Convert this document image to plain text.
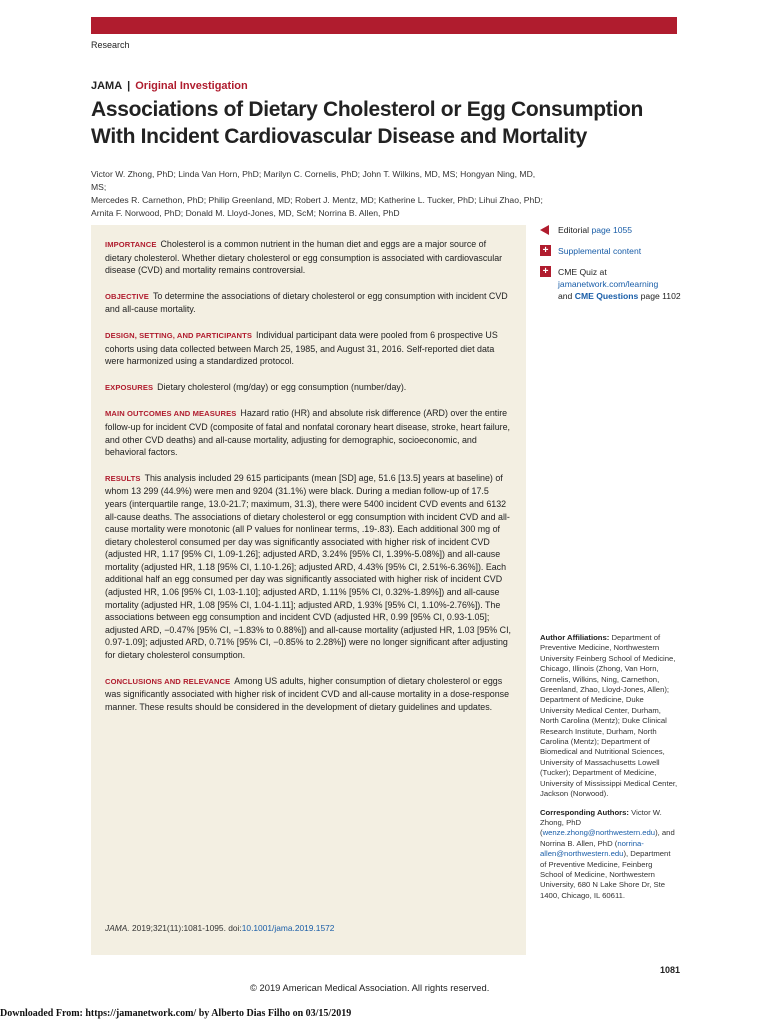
Research
JAMA | Original Investigation
Associations of Dietary Cholesterol or Egg Consumption With Incident Cardiovascular Disease and Mortality
Victor W. Zhong, PhD; Linda Van Horn, PhD; Marilyn C. Cornelis, PhD; John T. Wilkins, MD, MS; Hongyan Ning, MD, MS;
Mercedes R. Carnethon, PhD; Philip Greenland, MD; Robert J. Mentz, MD; Katherine L. Tucker, PhD; Lihui Zhao, PhD;
Arnita F. Norwood, PhD; Donald M. Lloyd-Jones, MD, ScM; Norrina B. Allen, PhD

IMPORTANCE Cholesterol is a common nutrient in the human diet and eggs are a major source of dietary cholesterol. Whether dietary cholesterol or egg consumption is associated with cardiovascular disease (CVD) and mortality remains controversial.

OBJECTIVE To determine the associations of dietary cholesterol or egg consumption with incident CVD and all-cause mortality.

DESIGN, SETTING, AND PARTICIPANTS Individual participant data were pooled from 6 prospective US cohorts using data collected between March 25, 1985, and August 31, 2016. Self-reported diet data were harmonized using a standardized protocol.

EXPOSURES Dietary cholesterol (mg/day) or egg consumption (number/day).

MAIN OUTCOMES AND MEASURES Hazard ratio (HR) and absolute risk difference (ARD) over the entire follow-up for incident CVD (composite of fatal and nonfatal coronary heart disease, stroke, heart failure, and other CVD deaths) and all-cause mortality, adjusting for demographic, socioeconomic, and behavioral factors.

RESULTS This analysis included 29 615 participants (mean [SD] age, 51.6 [13.5] years at baseline) of whom 13 299 (44.9%) were men and 9204 (31.1%) were black. During a median follow-up of 17.5 years (interquartile range, 13.0-21.7; maximum, 31.3), there were 5400 incident CVD events and 6132 all-cause deaths. The associations of dietary cholesterol or egg consumption with incident CVD and all-cause mortality were monotonic (all P values for nonlinear terms, .19-.83). Each additional 300 mg of dietary cholesterol consumed per day was significantly associated with higher risk of incident CVD (adjusted HR, 1.17 [95% CI, 1.09-1.26]; adjusted ARD, 3.24% [95% CI, 1.39%-5.08%]) and all-cause mortality (adjusted HR, 1.18 [95% CI, 1.10-1.26]; adjusted ARD, 4.43% [95% CI, 2.51%-6.36%]). Each additional half an egg consumed per day was significantly associated with higher risk of incident CVD (adjusted HR, 1.06 [95% CI, 1.03-1.10]; adjusted ARD, 1.11% [95% CI, 0.32%-1.89%]) and all-cause mortality (adjusted HR, 1.08 [95% CI, 1.04-1.11]; adjusted ARD, 1.93% [95% CI, 1.10%-2.76%]). The associations between egg consumption and incident CVD (adjusted HR, 0.99 [95% CI, 0.93-1.05]; adjusted ARD, −0.47% [95% CI, −1.83% to 0.88%]) and all-cause mortality (adjusted HR, 1.03 [95% CI, 0.97-1.09]; adjusted ARD, 0.71% [95% CI, −0.85% to 2.28%]) were no longer significant after adjusting for dietary cholesterol consumption.

CONCLUSIONS AND RELEVANCE Among US adults, higher consumption of dietary cholesterol or eggs was significantly associated with higher risk of incident CVD and all-cause mortality in a dose-response manner. These results should be considered in the development of dietary guidelines and updates.

JAMA. 2019;321(11):1081-1095. doi:10.1001/jama.2019.1572
Editorial page 1055
+ Supplemental content
+ CME Quiz at
jamanetwork.com/learning
and CME Questions page 1102
Author Affiliations: Department of Preventive Medicine, Northwestern University Feinberg School of Medicine, Chicago, Illinois (Zhong, Van Horn, Cornelis, Wilkins, Ning, Carnethon, Greenland, Zhao, Lloyd-Jones, Allen); Department of Medicine, Duke University Medical Center, Durham, North Carolina (Mentz); Duke Clinical Research Institute, Durham, North Carolina (Mentz); Department of Biomedical and Nutritional Sciences, University of Massachusetts Lowell (Tucker); Department of Medicine, University of Mississippi Medical Center, Jackson (Norwood).
Corresponding Authors: Victor W. Zhong, PhD (wenze.zhong@northwestern.edu), and Norrina B. Allen, PhD (norrina-allen@northwestern.edu), Department of Preventive Medicine, Feinberg School of Medicine, Northwestern University, 680 N Lake Shore Dr, Ste 1400, Chicago, IL 60611.
1081
© 2019 American Medical Association. All rights reserved.
Downloaded From: https://jamanetwork.com/ by Alberto Dias Filho on 03/15/2019
